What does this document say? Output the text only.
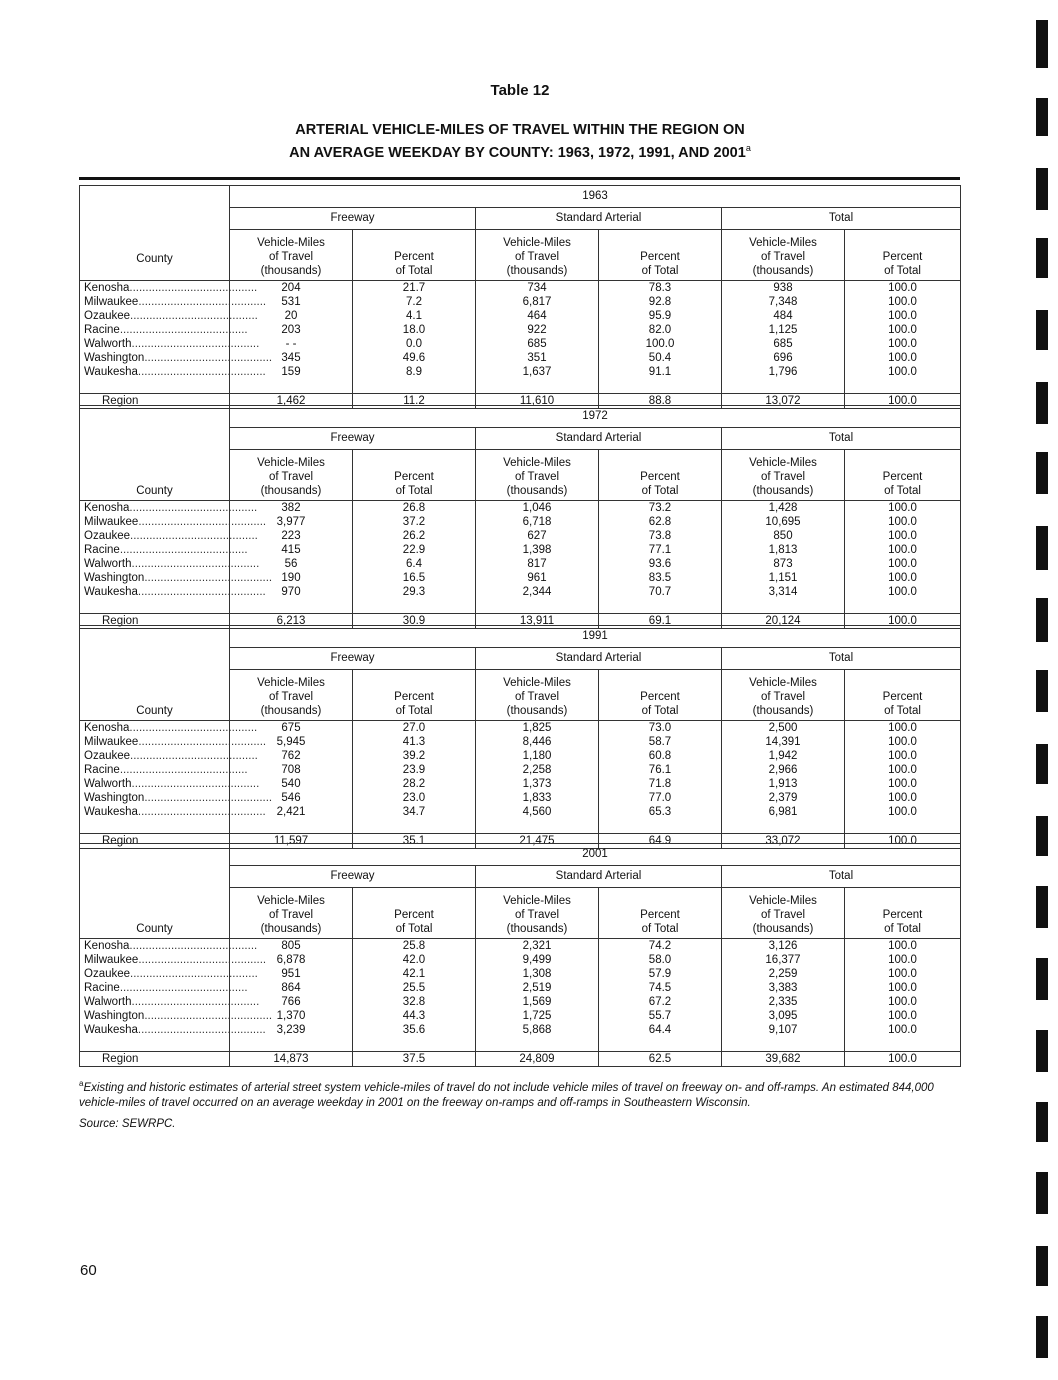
Table 12
ARTERIAL VEHICLE-MILES OF TRAVEL WITHIN THE REGION ON
AN AVERAGE WEEKDAY BY COUNTY: 1963, 1972, 1991, AND 2001$^a$
County	1963					
	Freeway		Standard Arterial		Total	
	Vehicle-Miles
of Travel
(thousands)	Percent
of Total	Vehicle-Miles
of Travel
(thousands)	Percent
of Total	Vehicle-Miles
of Travel
(thousands)	Percent
of Total
Kenosha........................................	204	21.7	734	78.3	938	100.0
Milwaukee........................................	531	7.2	6,817	92.8	7,348	100.0
Ozaukee........................................	20	4.1	464	95.9	484	100.0
Racine........................................	203	18.0	922	82.0	1,125	100.0
Walworth........................................	- -	0.0	685	100.0	685	100.0
Washington........................................	345	49.6	351	50.4	696	100.0
Waukesha........................................	159	8.9	1,637	91.1	1,796	100.0

Region	1,462	11.2	11,610	88.8	13,072	100.0
County	1972					
	Freeway		Standard Arterial		Total	
	Vehicle-Miles
of Travel
(thousands)	Percent
of Total	Vehicle-Miles
of Travel
(thousands)	Percent
of Total	Vehicle-Miles
of Travel
(thousands)	Percent
of Total
Kenosha........................................	382	26.8	1,046	73.2	1,428	100.0
Milwaukee........................................	3,977	37.2	6,718	62.8	10,695	100.0
Ozaukee........................................	223	26.2	627	73.8	850	100.0
Racine........................................	415	22.9	1,398	77.1	1,813	100.0
Walworth........................................	56	6.4	817	93.6	873	100.0
Washington........................................	190	16.5	961	83.5	1,151	100.0
Waukesha........................................	970	29.3	2,344	70.7	3,314	100.0

Region	6,213	30.9	13,911	69.1	20,124	100.0
County	1991					
	Freeway		Standard Arterial		Total	
	Vehicle-Miles
of Travel
(thousands)	Percent
of Total	Vehicle-Miles
of Travel
(thousands)	Percent
of Total	Vehicle-Miles
of Travel
(thousands)	Percent
of Total
Kenosha........................................	675	27.0	1,825	73.0	2,500	100.0
Milwaukee........................................	5,945	41.3	8,446	58.7	14,391	100.0
Ozaukee........................................	762	39.2	1,180	60.8	1,942	100.0
Racine........................................	708	23.9	2,258	76.1	2,966	100.0
Walworth........................................	540	28.2	1,373	71.8	1,913	100.0
Washington........................................	546	23.0	1,833	77.0	2,379	100.0
Waukesha........................................	2,421	34.7	4,560	65.3	6,981	100.0

Region	11,597	35.1	21,475	64.9	33,072	100.0
County	2001					
	Freeway		Standard Arterial		Total	
	Vehicle-Miles
of Travel
(thousands)	Percent
of Total	Vehicle-Miles
of Travel
(thousands)	Percent
of Total	Vehicle-Miles
of Travel
(thousands)	Percent
of Total
Kenosha........................................	805	25.8	2,321	74.2	3,126	100.0
Milwaukee........................................	6,878	42.0	9,499	58.0	16,377	100.0
Ozaukee........................................	951	42.1	1,308	57.9	2,259	100.0
Racine........................................	864	25.5	2,519	74.5	3,383	100.0
Walworth........................................	766	32.8	1,569	67.2	2,335	100.0
Washington........................................	1,370	44.3	1,725	55.7	3,095	100.0
Waukesha........................................	3,239	35.6	5,868	64.4	9,107	100.0

Region	14,873	37.5	24,809	62.5	39,682	100.0
$^a$Existing and historic estimates of arterial street system vehicle-miles of travel do not include vehicle miles of travel on freeway on- and off-ramps. An estimated 844,000 vehicle-miles of travel occurred on an average weekday in 2001 on the freeway on-ramps and off-ramps in Southeastern Wisconsin.
Source: SEWRPC.
60
